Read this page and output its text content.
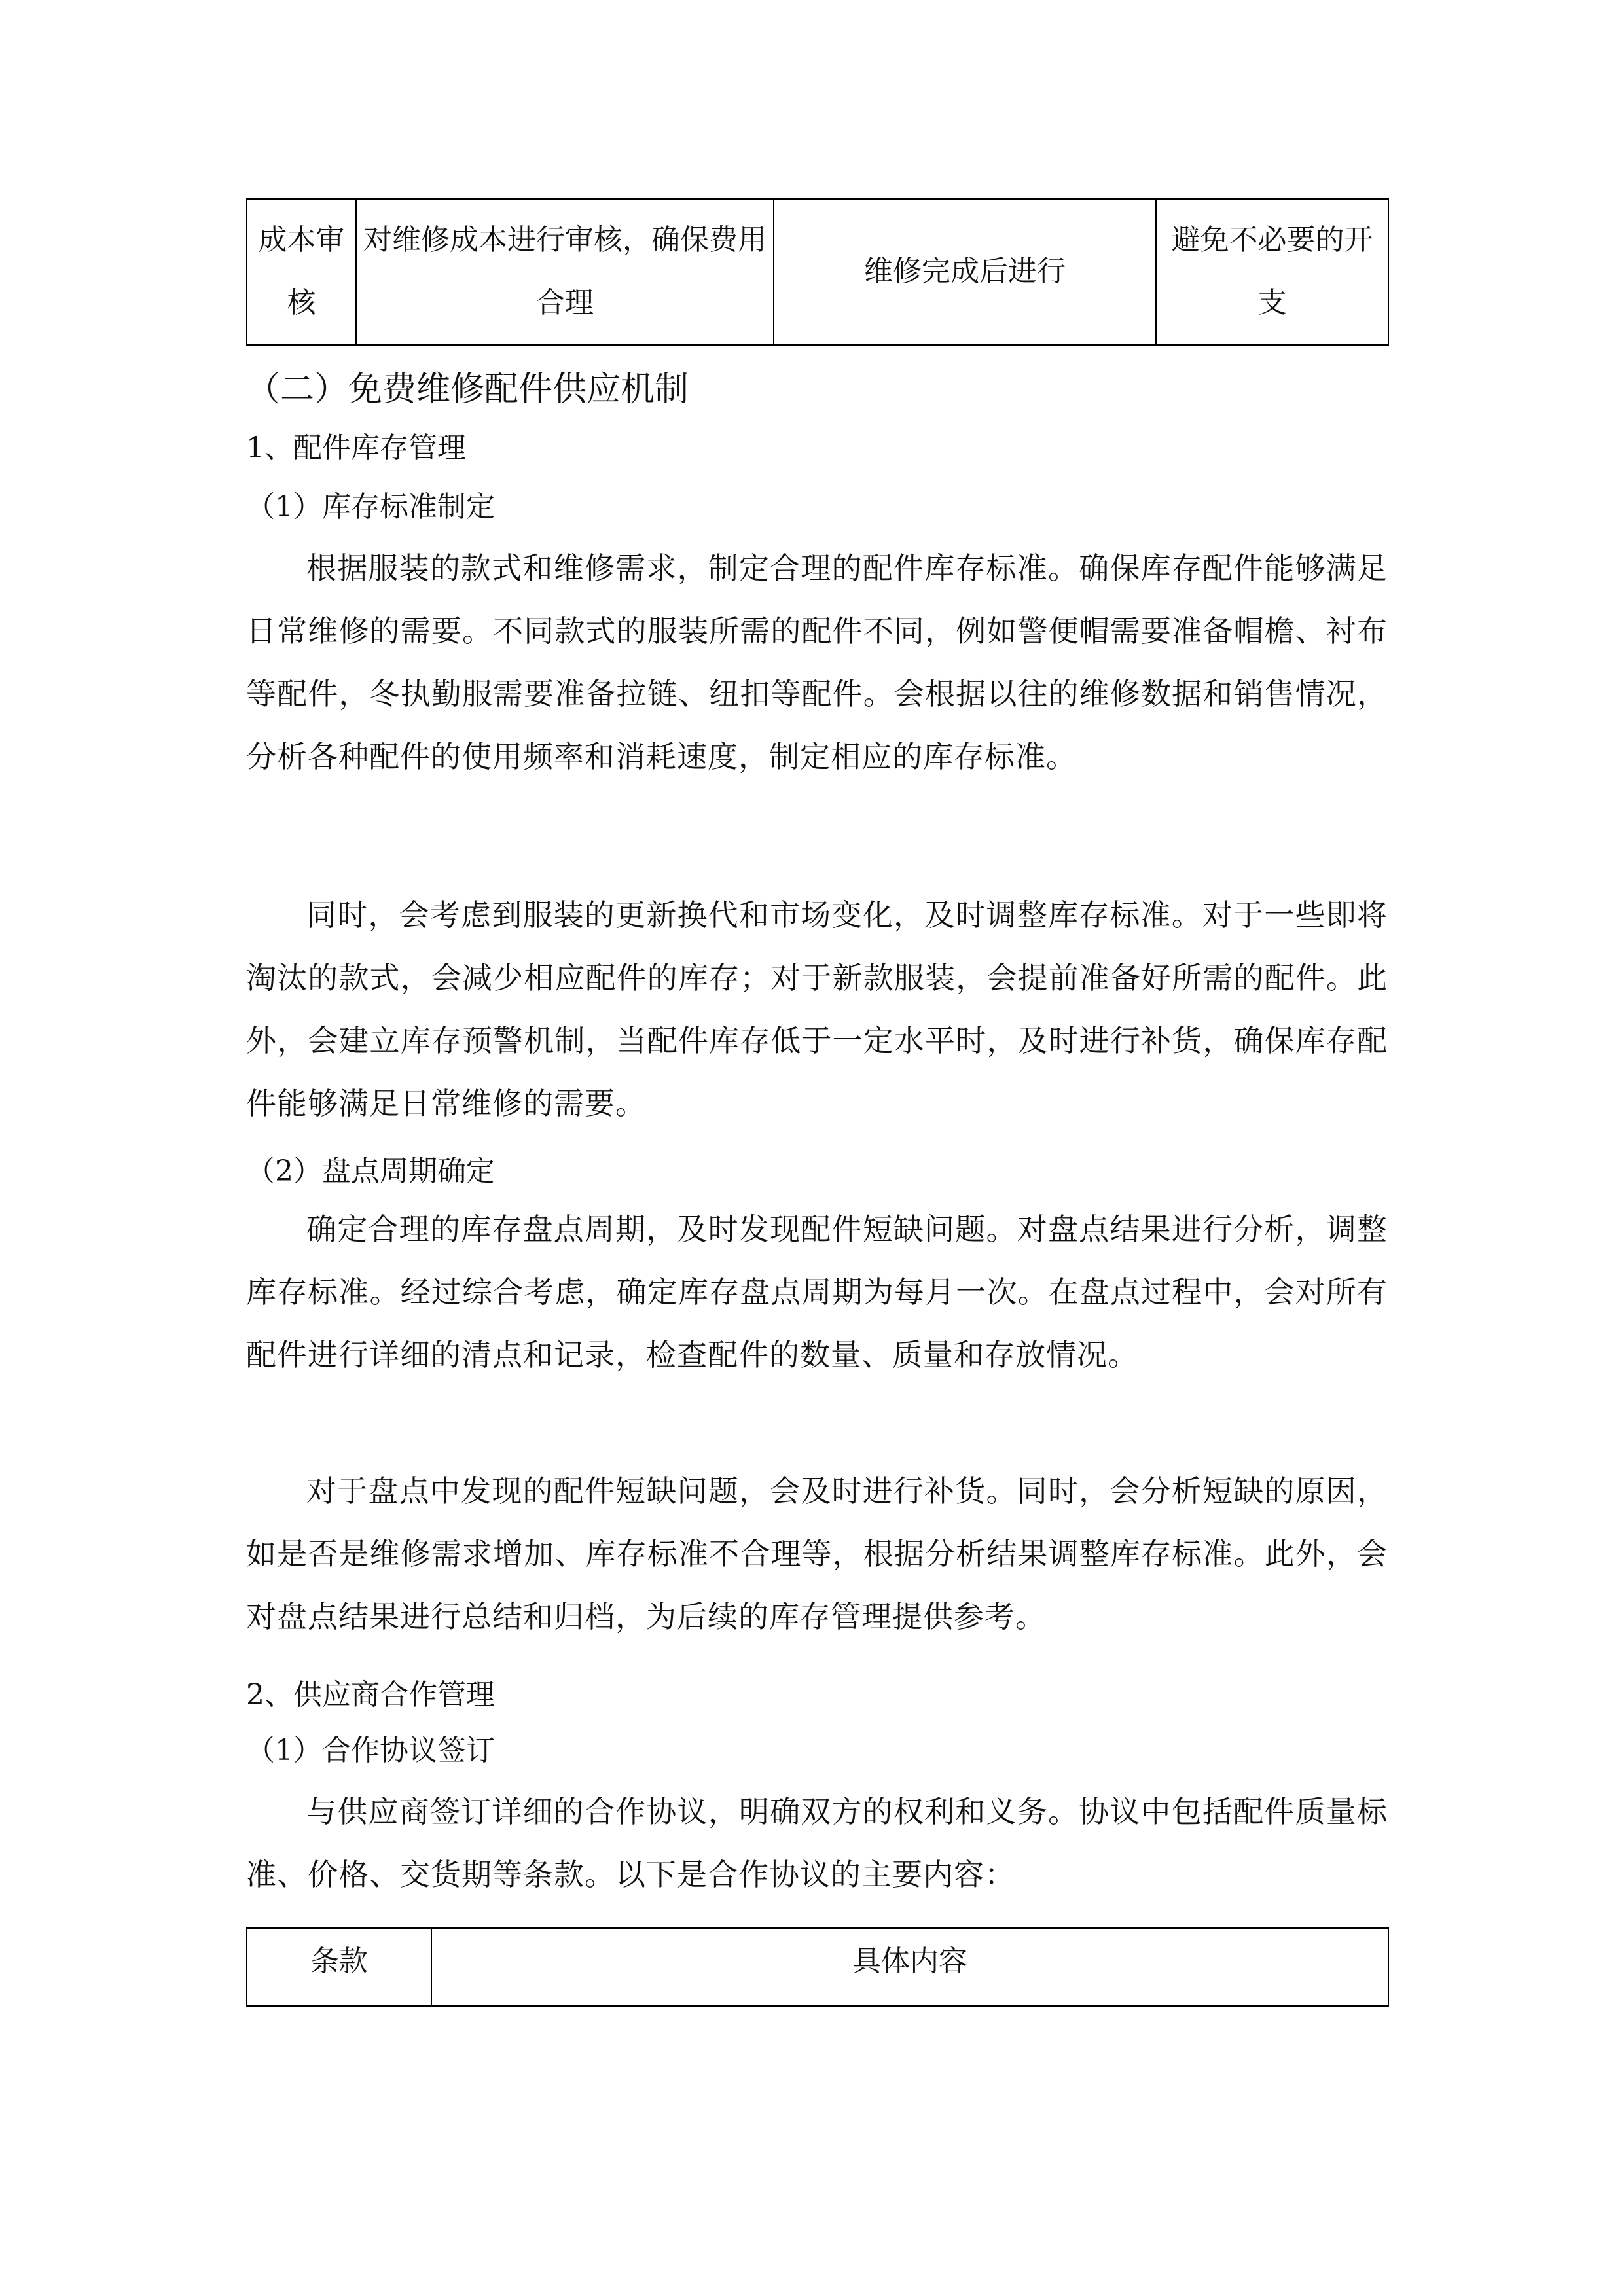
成本审核	对维修成本进行审核，确保费用合理	维修完成后进行	避免不必要的开支
（二）免费维修配件供应机制
1、配件库存管理
（1）库存标准制定

根据服装的款式和维修需求，制定合理的配件库存标准。确保库存配件能够满足日常维修的需要。不同款式的服装所需的配件不同，例如警便帽需要准备帽檐、衬布等配件，冬执勤服需要准备拉链、纽扣等配件。会根据以往的维修数据和销售情况，分析各种配件的使用频率和消耗速度，制定相应的库存标准。

同时，会考虑到服装的更新换代和市场变化，及时调整库存标准。对于一些即将淘汰的款式，会减少相应配件的库存；对于新款服装，会提前准备好所需的配件。此外，会建立库存预警机制，当配件库存低于一定水平时，及时进行补货，确保库存配件能够满足日常维修的需要。

（2）盘点周期确定

确定合理的库存盘点周期，及时发现配件短缺问题。对盘点结果进行分析，调整库存标准。经过综合考虑，确定库存盘点周期为每月一次。在盘点过程中，会对所有配件进行详细的清点和记录，检查配件的数量、质量和存放情况。

对于盘点中发现的配件短缺问题，会及时进行补货。同时，会分析短缺的原因，如是否是维修需求增加、库存标准不合理等，根据分析结果调整库存标准。此外，会对盘点结果进行总结和归档，为后续的库存管理提供参考。

2、供应商合作管理
（1）合作协议签订

与供应商签订详细的合作协议，明确双方的权利和义务。协议中包括配件质量标准、价格、交货期等条款。以下是合作协议的主要内容：

条款	具体内容
